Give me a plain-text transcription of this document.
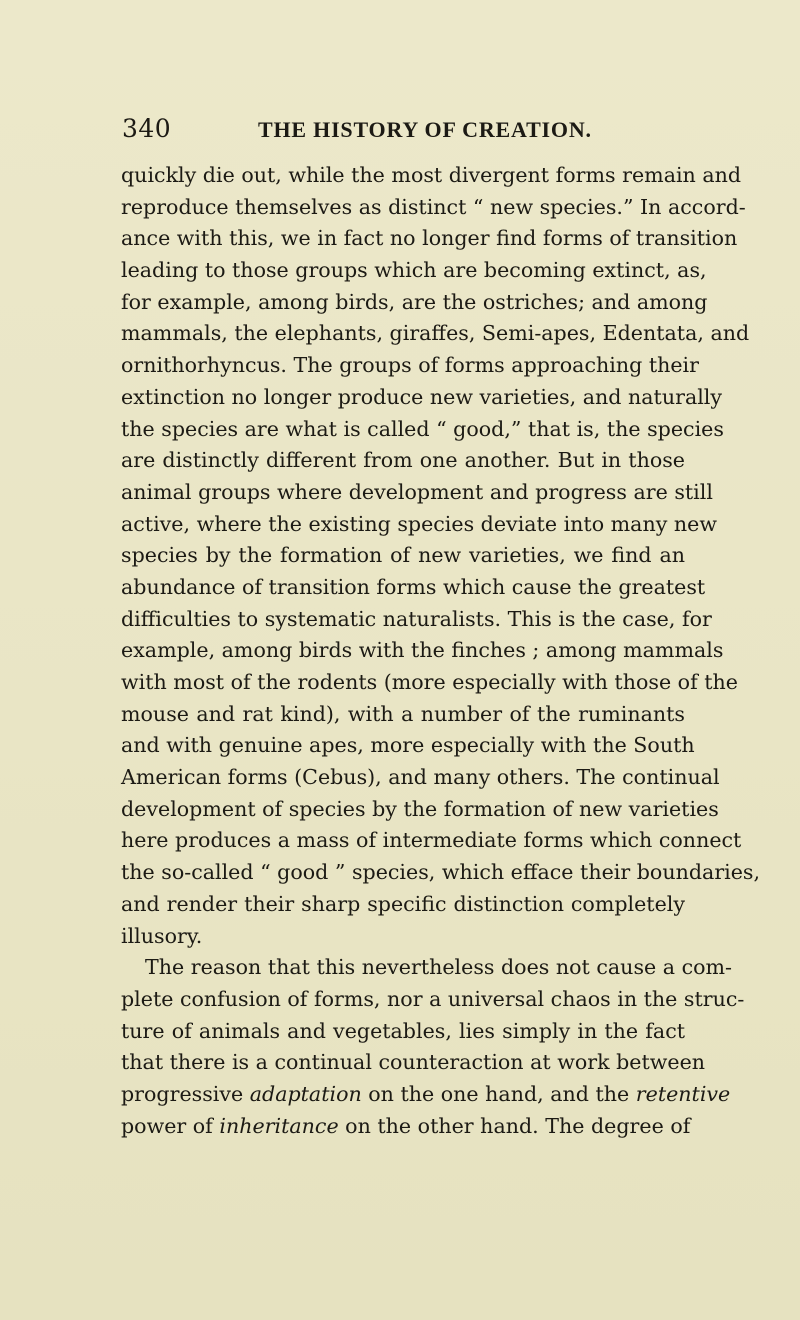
340	THE HISTORY OF CREATION.
quickly die out, while the most divergent forms remain and
reproduce themselves as distinct “ new species.” In accord-
ance with this, we in fact no longer find forms of transition
leading to those groups which are becoming extinct, as,
for example, among birds, are the ostriches; and among
mammals, the elephants, giraffes, Semi-apes, Edentata, and
ornithorhyncus. The groups of forms approaching their
extinction no longer produce new varieties, and naturally
the species are what is called “ good,” that is, the species
are distinctly different from one another. But in those
animal groups where development and progress are still
active, where the existing species deviate into many new
species by the formation of new varieties, we find an
abundance of transition forms which cause the greatest
difficulties to systematic naturalists. This is the case, for
example, among birds with the finches ; among mammals
with most of the rodents (more especially with those of the
mouse and rat kind), with a number of the ruminants
and with genuine apes, more especially with the South
American forms (Cebus), and many others. The continual
development of species by the formation of new varieties
here produces a mass of intermediate forms which connect
the so-called “ good ” species, which efface their boundaries,
and render their sharp specific distinction completely
illusory.
The reason that this nevertheless does not cause a com-
plete confusion of forms, nor a universal chaos in the struc-
ture of animals and vegetables, lies simply in the fact
that there is a continual counteraction at work between
progressive adaptation on the one hand, and the retentive
power of inheritance on the other hand. The degree of
